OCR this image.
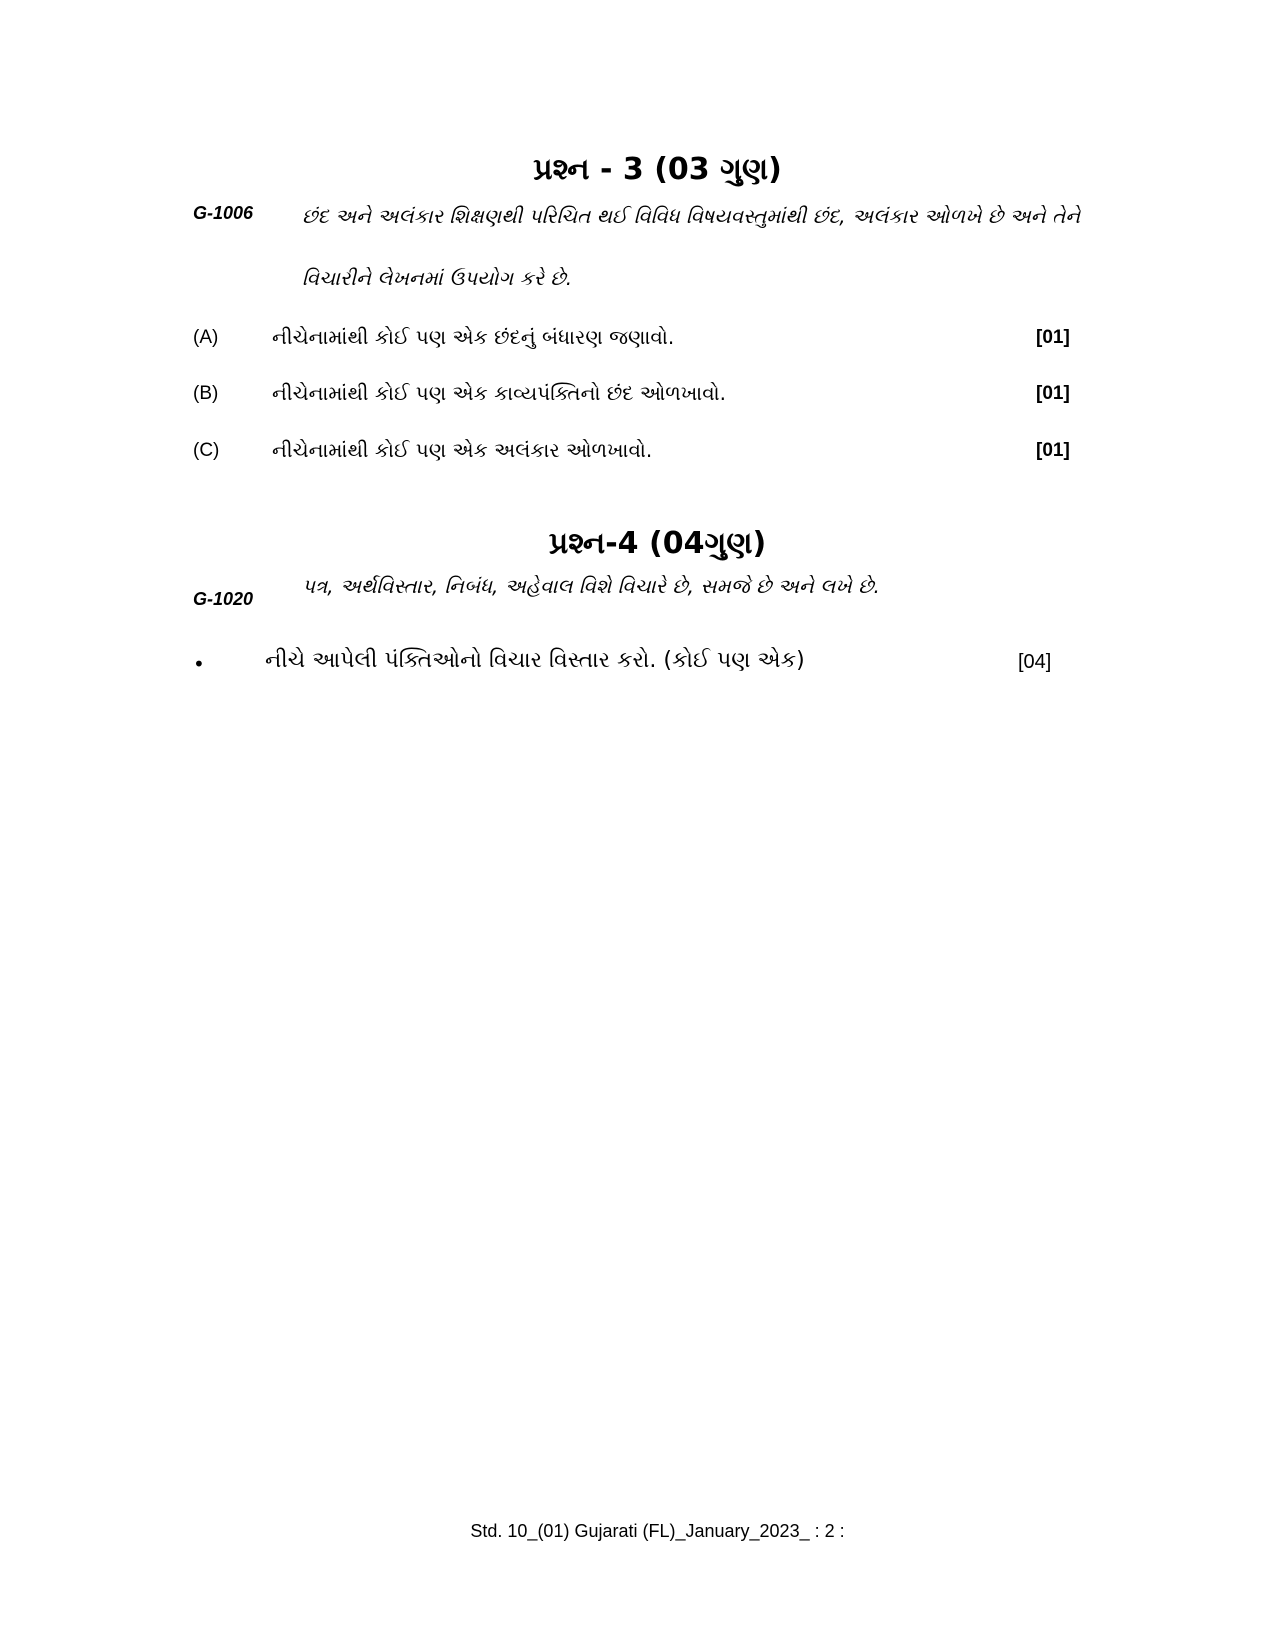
પ્રશ્ન - 3 (03 ગુણ)
G-1006 છંદ અને અલંકાર શિક્ષણથી પરિચિત થઈ વિવિધ વિષયવસ્તુમાંથી છંદ, અલંકાર ઓળખે છે અને તેને વિચારીને લેખનમાં ઉપયોગ કરે છે.
(A)	નીચેનામાંથી કોઈ પણ એક છંદનું બંધારણ જણાવો.	[01]
(B)	નીચેનામાંથી કોઈ પણ એક કાવ્યપંક્તિનો છંદ ઓળખાવો.	[01]
(C)	નીચેનામાંથી કોઈ પણ એક અલંકાર ઓળખાવો.	[01]
પ્રશ્ન-4 (04ગુણ)
G-1020
પત્ર, અર્થવિસ્તાર, નિબંધ, અહેવાલ વિશે વિચારે છે, સમજે છે અને લખે છે.
•	નીચે આપેલી પંક્તિઓનો વિચાર વિસ્તાર કરો. (કોઈ પણ એક)	[04]
Std. 10_(01) Gujarati (FL)_January_2023_ : 2 :
